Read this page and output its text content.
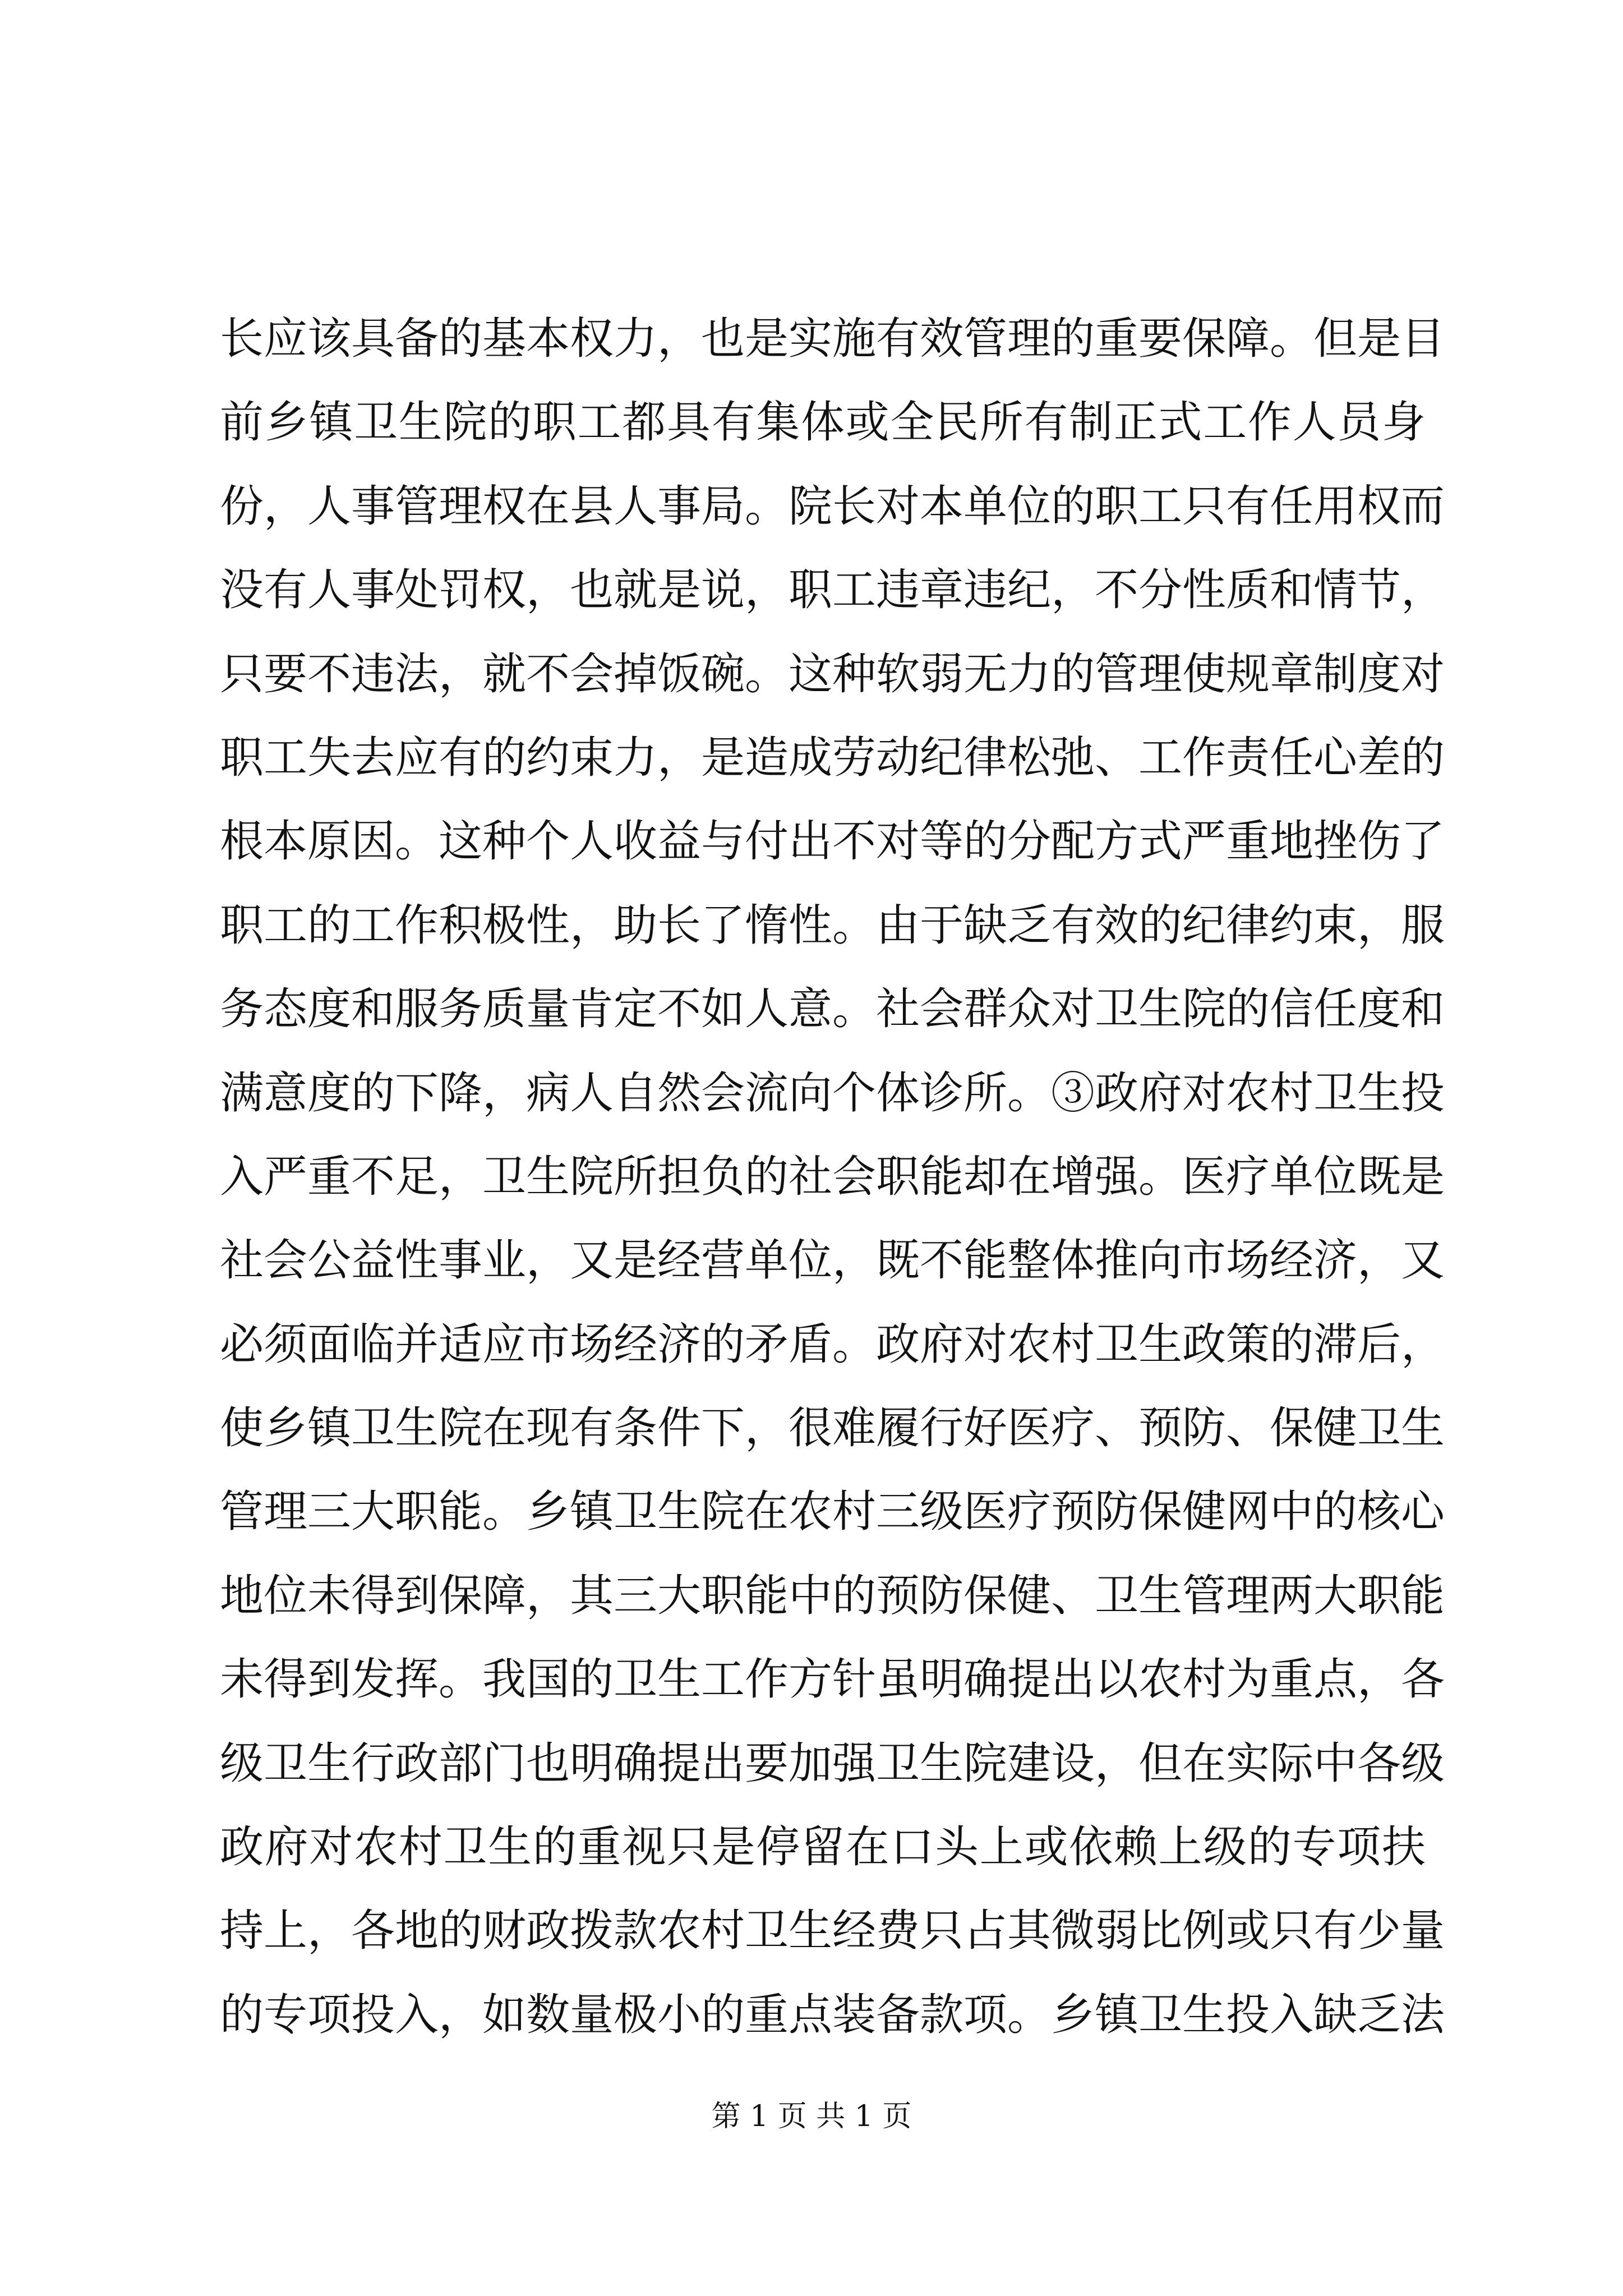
长应该具备的基本权力，也是实施有效管理的重要保障。但是目
前乡镇卫生院的职工都具有集体或全民所有制正式工作人员身
份，人事管理权在县人事局。院长对本单位的职工只有任用权而
没有人事处罚权，也就是说，职工违章违纪，不分性质和情节，
只要不违法，就不会掉饭碗。这种软弱无力的管理使规章制度对
职工失去应有的约束力，是造成劳动纪律松弛、工作责任心差的
根本原因。这种个人收益与付出不对等的分配方式严重地挫伤了
职工的工作积极性，助长了惰性。由于缺乏有效的纪律约束，服
务态度和服务质量肯定不如人意。社会群众对卫生院的信任度和
满意度的下降，病人自然会流向个体诊所。③政府对农村卫生投
入严重不足，卫生院所担负的社会职能却在增强。医疗单位既是
社会公益性事业，又是经营单位，既不能整体推向市场经济，又
必须面临并适应市场经济的矛盾。政府对农村卫生政策的滞后，
使乡镇卫生院在现有条件下，很难履行好医疗、预防、保健卫生
管理三大职能。乡镇卫生院在农村三级医疗预防保健网中的核心
地位未得到保障，其三大职能中的预防保健、卫生管理两大职能
未得到发挥。我国的卫生工作方针虽明确提出以农村为重点，各
级卫生行政部门也明确提出要加强卫生院建设，但在实际中各级
政府对农村卫生的重视只是停留在口头上或依赖上级的专项扶
持上，各地的财政拨款农村卫生经费只占其微弱比例或只有少量
的专项投入，如数量极小的重点装备款项。乡镇卫生投入缺乏法
第 1 页 共 1 页
